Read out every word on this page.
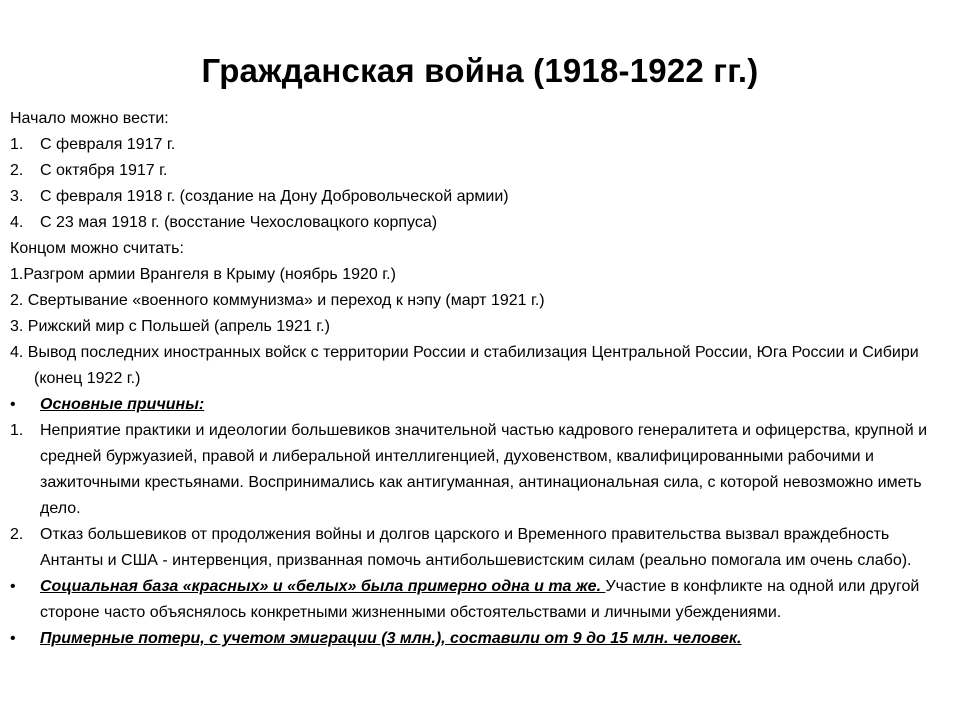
Гражданская война (1918-1922 гг.)

Начало можно вести:

1.	С февраля 1917 г.
2.	С октября 1917 г.
3.	С февраля 1918 г. (создание на Дону Добровольческой армии)
4.	С 23 мая 1918 г. (восстание Чехословацкого корпуса)

Концом можно считать:

1.Разгром армии Врангеля в Крыму (ноябрь 1920 г.)

2. Свертывание «военного коммунизма» и переход к нэпу (март 1921 г.)

3. Рижский мир с Польшей (апрель 1921 г.)

4. Вывод последних иностранных войск с территории России и стабилизация Центральной России, Юга России и Сибири (конец 1922 г.)

•	Основные причины:
1.	Неприятие практики и идеологии большевиков значительной частью кадрового генералитета и офицерства, крупной и средней буржуазией, правой и либеральной интеллигенцией, духовенством, квалифицированными рабочими и зажиточными крестьянами. Воспринимались как антигуманная, антинациональная сила, с которой невозможно иметь дело.
2.	Отказ большевиков от продолжения войны и долгов царского и Временного правительства вызвал враждебность Антанты и США - интервенция, призванная помочь антибольшевистским силам (реально помогала им очень слабо).
•	Социальная база «красных» и «белых» была примерно одна и та же. Участие в конфликте на одной или другой стороне часто объяснялось конкретными жизненными обстоятельствами и личными убеждениями.
•	Примерные потери, с учетом эмиграции (3 млн.), составили от 9 до 15 млн. человек.
